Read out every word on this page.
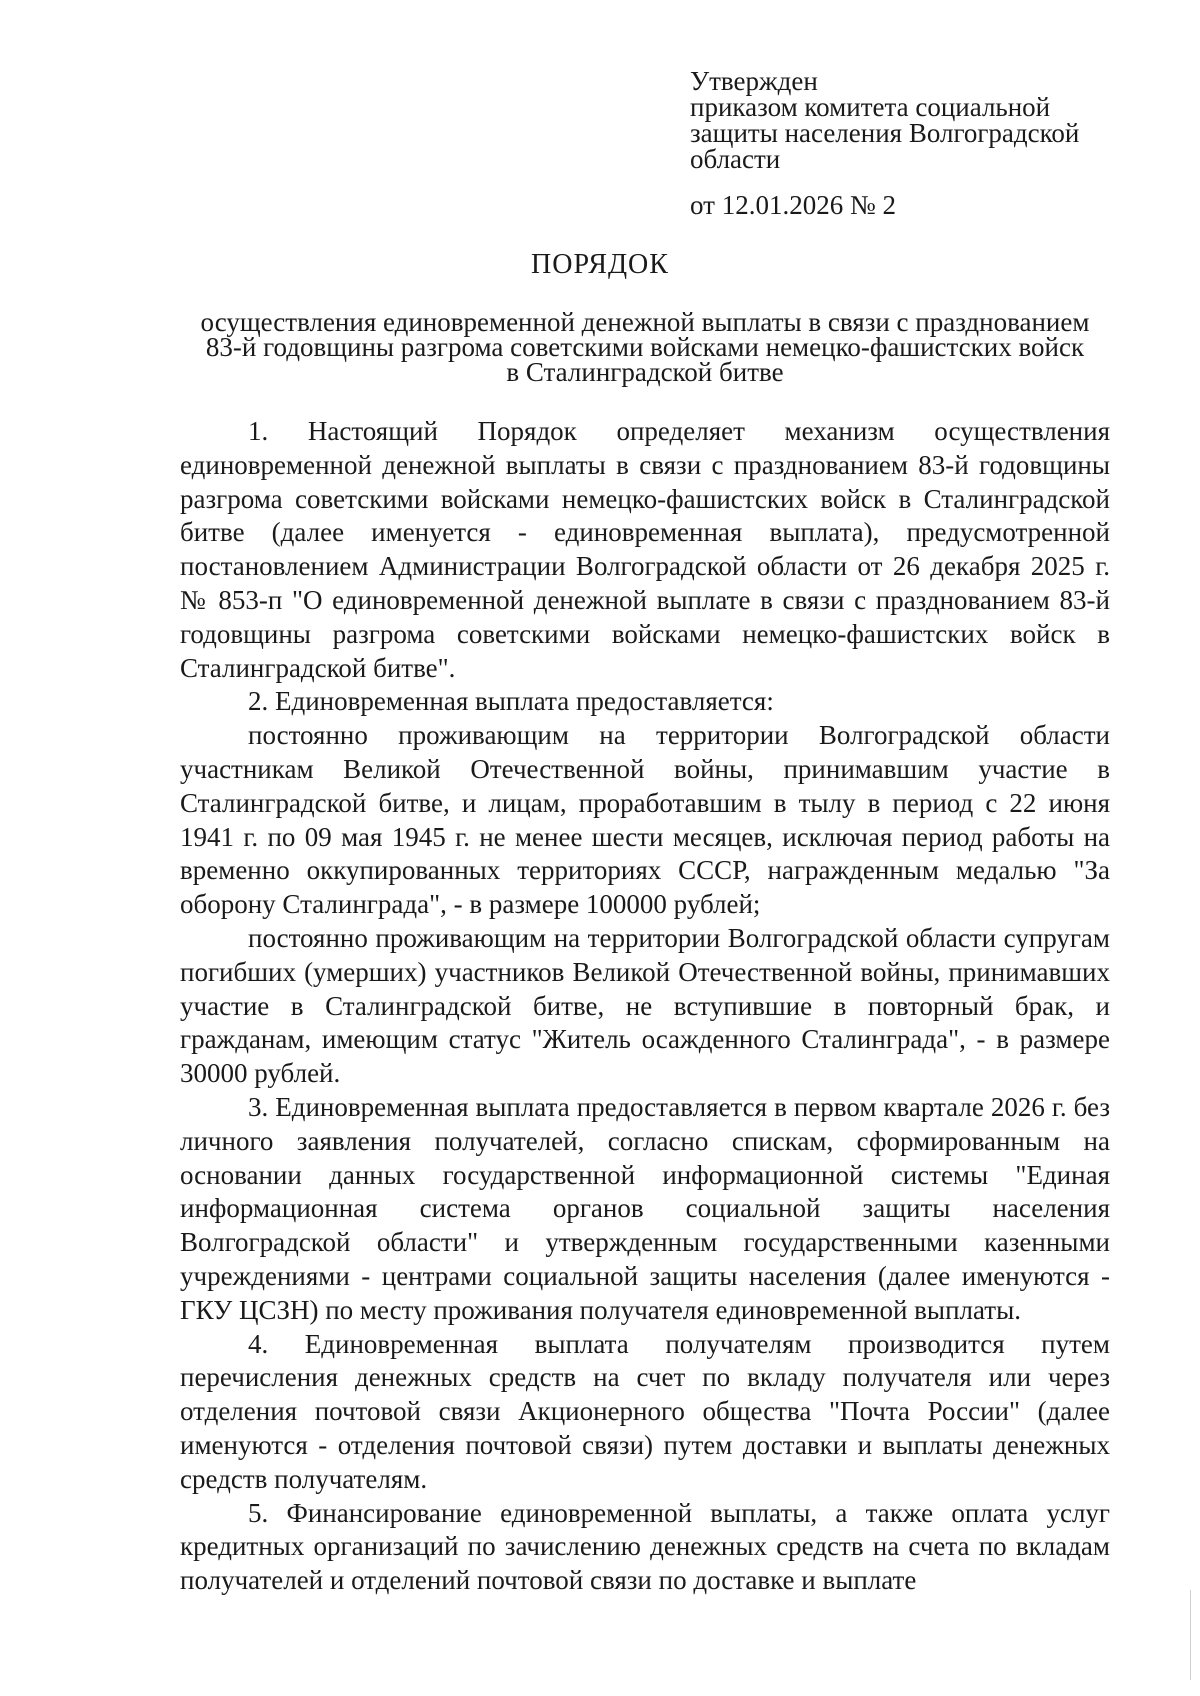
Утвержден
приказом комитета социальной
защиты населения Волгоградской
области
от 12.01.2026 № 2
ПОРЯДОК
осуществления единовременной денежной выплаты в связи с празднованием
83-й годовщины разгрома советскими войсками немецко-фашистских войск
в Сталинградской битве

1. Настоящий Порядок определяет механизм осуществления единовременной денежной выплаты в связи с празднованием 83-й годовщины разгрома советскими войсками немецко-фашистских войск в Сталинградской битве (далее именуется - единовременная выплата), предусмотренной постановлением Администрации Волгоградской области от 26 декабря 2025 г. № 853-п "О единовременной денежной выплате в связи с празднованием 83-й годовщины разгрома советскими войсками немецко-фашистских войск в Сталинградской битве".

2. Единовременная выплата предоставляется:

постоянно проживающим на территории Волгоградской области участникам Великой Отечественной войны, принимавшим участие в Сталинградской битве, и лицам, проработавшим в тылу в период с 22 июня 1941 г. по 09 мая 1945 г. не менее шести месяцев, исключая период работы на временно оккупированных территориях СССР, награжденным медалью "За оборону Сталинграда", - в размере 100000 рублей;

постоянно проживающим на территории Волгоградской области супругам погибших (умерших) участников Великой Отечественной войны, принимавших участие в Сталинградской битве, не вступившие в повторный брак, и гражданам, имеющим статус "Житель осажденного Сталинграда", - в размере 30000 рублей.

3. Единовременная выплата предоставляется в первом квартале 2026 г. без личного заявления получателей, согласно спискам, сформированным на основании данных государственной информационной системы "Единая информационная система органов социальной защиты населения Волгоградской области" и утвержденным государственными казенными учреждениями - центрами социальной защиты населения (далее именуются - ГКУ ЦСЗН) по месту проживания получателя единовременной выплаты.

4. Единовременная выплата получателям производится путем перечисления денежных средств на счет по вкладу получателя или через отделения почтовой связи Акционерного общества "Почта России" (далее именуются - отделения почтовой связи) путем доставки и выплаты денежных средств получателям.

5. Финансирование единовременной выплаты, а также оплата услуг кредитных организаций по зачислению денежных средств на счета по вкладам получателей и отделений почтовой связи по доставке и выплате
